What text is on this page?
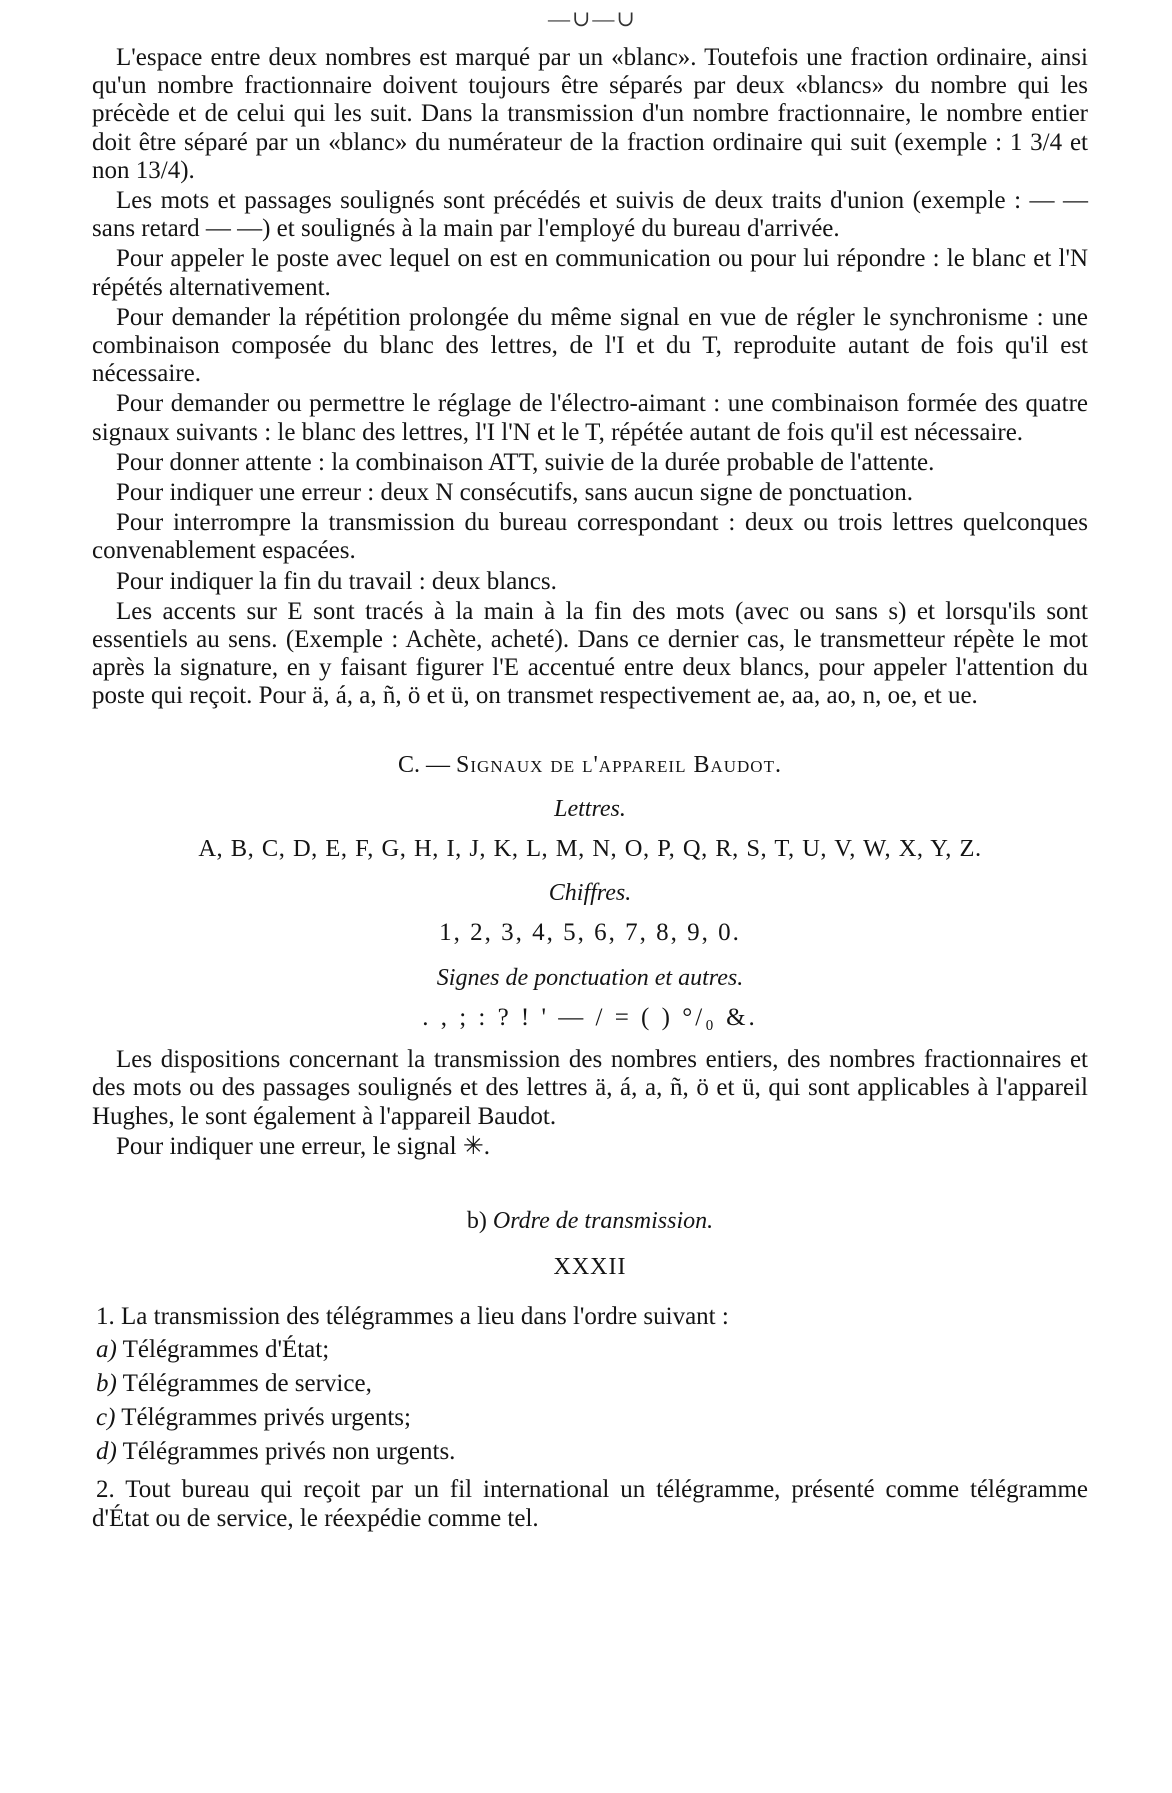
—∪—∪

L'espace entre deux nombres est marqué par un «blanc». Toutefois une fraction ordinaire, ainsi qu'un nombre fractionnaire doivent toujours être séparés par deux «blancs» du nombre qui les précède et de celui qui les suit. Dans la transmission d'un nombre fractionnaire, le nombre entier doit être séparé par un «blanc» du numérateur de la fraction ordinaire qui suit (exemple : 1 3/4 et non 13/4).

Les mots et passages soulignés sont précédés et suivis de deux traits d'union (exemple : — — sans retard — —) et soulignés à la main par l'employé du bureau d'arrivée.

Pour appeler le poste avec lequel on est en communication ou pour lui répondre : le blanc et l'N répétés alternativement.

Pour demander la répétition prolongée du même signal en vue de régler le synchronisme : une combinaison composée du blanc des lettres, de l'I et du T, reproduite autant de fois qu'il est nécessaire.

Pour demander ou permettre le réglage de l'électro-aimant : une combinaison formée des quatre signaux suivants : le blanc des lettres, l'I l'N et le T, répétée autant de fois qu'il est nécessaire.

Pour donner attente : la combinaison ATT, suivie de la durée probable de l'attente.

Pour indiquer une erreur : deux N consécutifs, sans aucun signe de ponctuation.

Pour interrompre la transmission du bureau correspondant : deux ou trois lettres quelconques convenablement espacées.

Pour indiquer la fin du travail : deux blancs.

Les accents sur E sont tracés à la main à la fin des mots (avec ou sans s) et lorsqu'ils sont essentiels au sens. (Exemple : Achète, acheté). Dans ce dernier cas, le transmetteur répète le mot après la signature, en y faisant figurer l'E accentué entre deux blancs, pour appeler l'attention du poste qui reçoit. Pour ä, á, a, ñ, ö et ü, on transmet respectivement ae, aa, ao, n, oe, et ue.

C. — Signaux de l'appareil Baudot.
Lettres.
A, B, C, D, E, F, G, H, I, J, K, L, M, N, O, P, Q, R, S, T, U, V, W, X, Y, Z.
Chiffres.
1, 2, 3, 4, 5, 6, 7, 8, 9, 0.
Signes de ponctuation et autres.
. , ; : ? ! ' — / = ( ) °/₀ &.

Les dispositions concernant la transmission des nombres entiers, des nombres fractionnaires et des mots ou des passages soulignés et des lettres ä, á, a, ñ, ö et ü, qui sont applicables à l'appareil Hughes, le sont également à l'appareil Baudot.

Pour indiquer une erreur, le signal ✳.

b) Ordre de transmission.
XXXII

1. La transmission des télégrammes a lieu dans l'ordre suivant :

a) Télégrammes d'État;
b) Télégrammes de service,
c) Télégrammes privés urgents;
d) Télégrammes privés non urgents.

2. Tout bureau qui reçoit par un fil international un télégramme, présenté comme télégramme d'État ou de service, le réexpédie comme tel.
